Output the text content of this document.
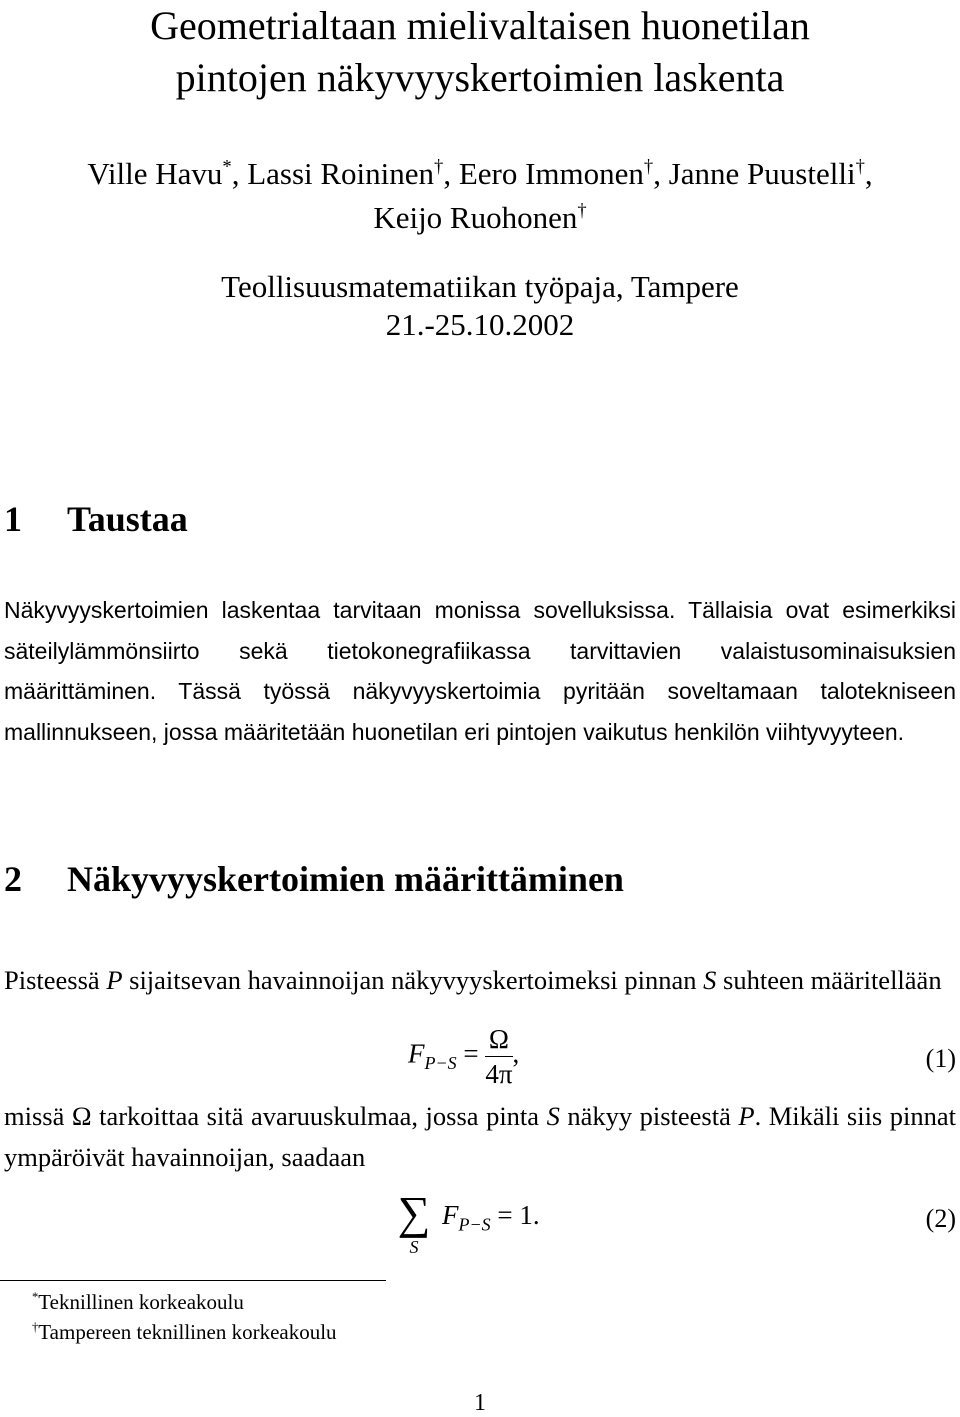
Geometrialtaan mielivaltaisen huonetilan
pintojen näkyvyyskertoimien laskenta
Ville Havu*, Lassi Roininen†, Eero Immonen†, Janne Puustelli†,
Keijo Ruohonen†
Teollisuusmatematiikan työpaja, Tampere
21.-25.10.2002
1 Taustaa
Näkyvyyskertoimien laskentaa tarvitaan monissa sovelluksissa. Tällaisia ovat esimerkiksi säteilylämmönsiirto sekä tietokonegrafiikassa tarvittavien valaistusominaisuksien määrittäminen. Tässä työssä näkyvyyskertoimia pyritään soveltamaan talotekniseen mallinnukseen, jossa määritetään huonetilan eri pintojen vaikutus henkilön viihtyvyyteen.
2 Näkyvyyskertoimien määrittäminen
Pisteessä P sijaitsevan havainnoijan näkyvyyskertoimeksi pinnan S suhteen määritellään
$F_{P-S} = \frac{\Omega}{4\pi}$ ,	(1)
missä Ω tarkoittaa sitä avaruuskulmaa, jossa pinta S näkyy pisteestä P. Mikäli siis pinnat ympäröivät havainnoijan, saadaan
∑
S
$F_{P-S} = 1$.	(2)
*Teknillinen korkeakoulu
†Tampereen teknillinen korkeakoulu
1
